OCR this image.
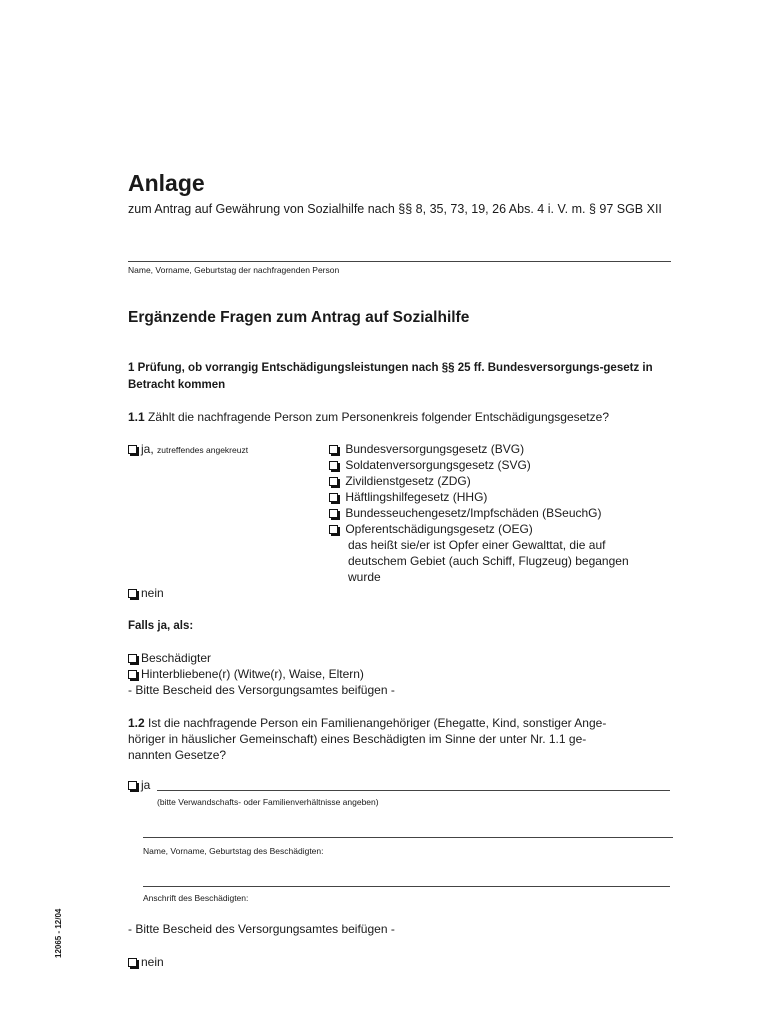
Anlage
zum Antrag auf Gewährung von Sozialhilfe nach §§ 8, 35, 73, 19, 26 Abs. 4 i. V. m. § 97 SGB XII
Name, Vorname, Geburtstag der nachfragenden Person
Ergänzende Fragen zum Antrag auf Sozialhilfe
1 Prüfung, ob vorrangig Entschädigungsleistungen nach §§ 25 ff. Bundesversorgungs-gesetz in Betracht kommen
1.1 Zählt die nachfragende Person zum Personenkreis folgender Entschädigungsgesetze?
ja, zutreffendes angekreuzt	Bundesversorgungsgesetz (BVG)
Soldatenversorgungsgesetz (SVG)
Zivildienstgesetz (ZDG)
Häftlingshilfegesetz (HHG)
Bundesseuchengesetz/Impfschäden (BSeuchG)
Opferentschädigungsgesetz (OEG)
das heißt sie/er ist Opfer einer Gewalttat, die auf
deutschem Gebiet (auch Schiff, Flugzeug) begangen
wurde
nein
Falls ja, als:
Beschädigter
Hinterbliebene(r) (Witwe(r), Waise, Eltern)
- Bitte Bescheid des Versorgungsamtes beifügen -
1.2 Ist die nachfragende Person ein Familienangehöriger (Ehegatte, Kind, sonstiger Ange-
höriger in häuslicher Gemeinschaft) eines Beschädigten im Sinne der unter Nr. 1.1 ge-
nannten Gesetze?
ja
(bitte Verwandschafts- oder Familienverhältnisse angeben)
Name, Vorname, Geburtstag des Beschädigten:
Anschrift des Beschädigten:
- Bitte Bescheid des Versorgungsamtes beifügen -
nein
12065 - 12/04
